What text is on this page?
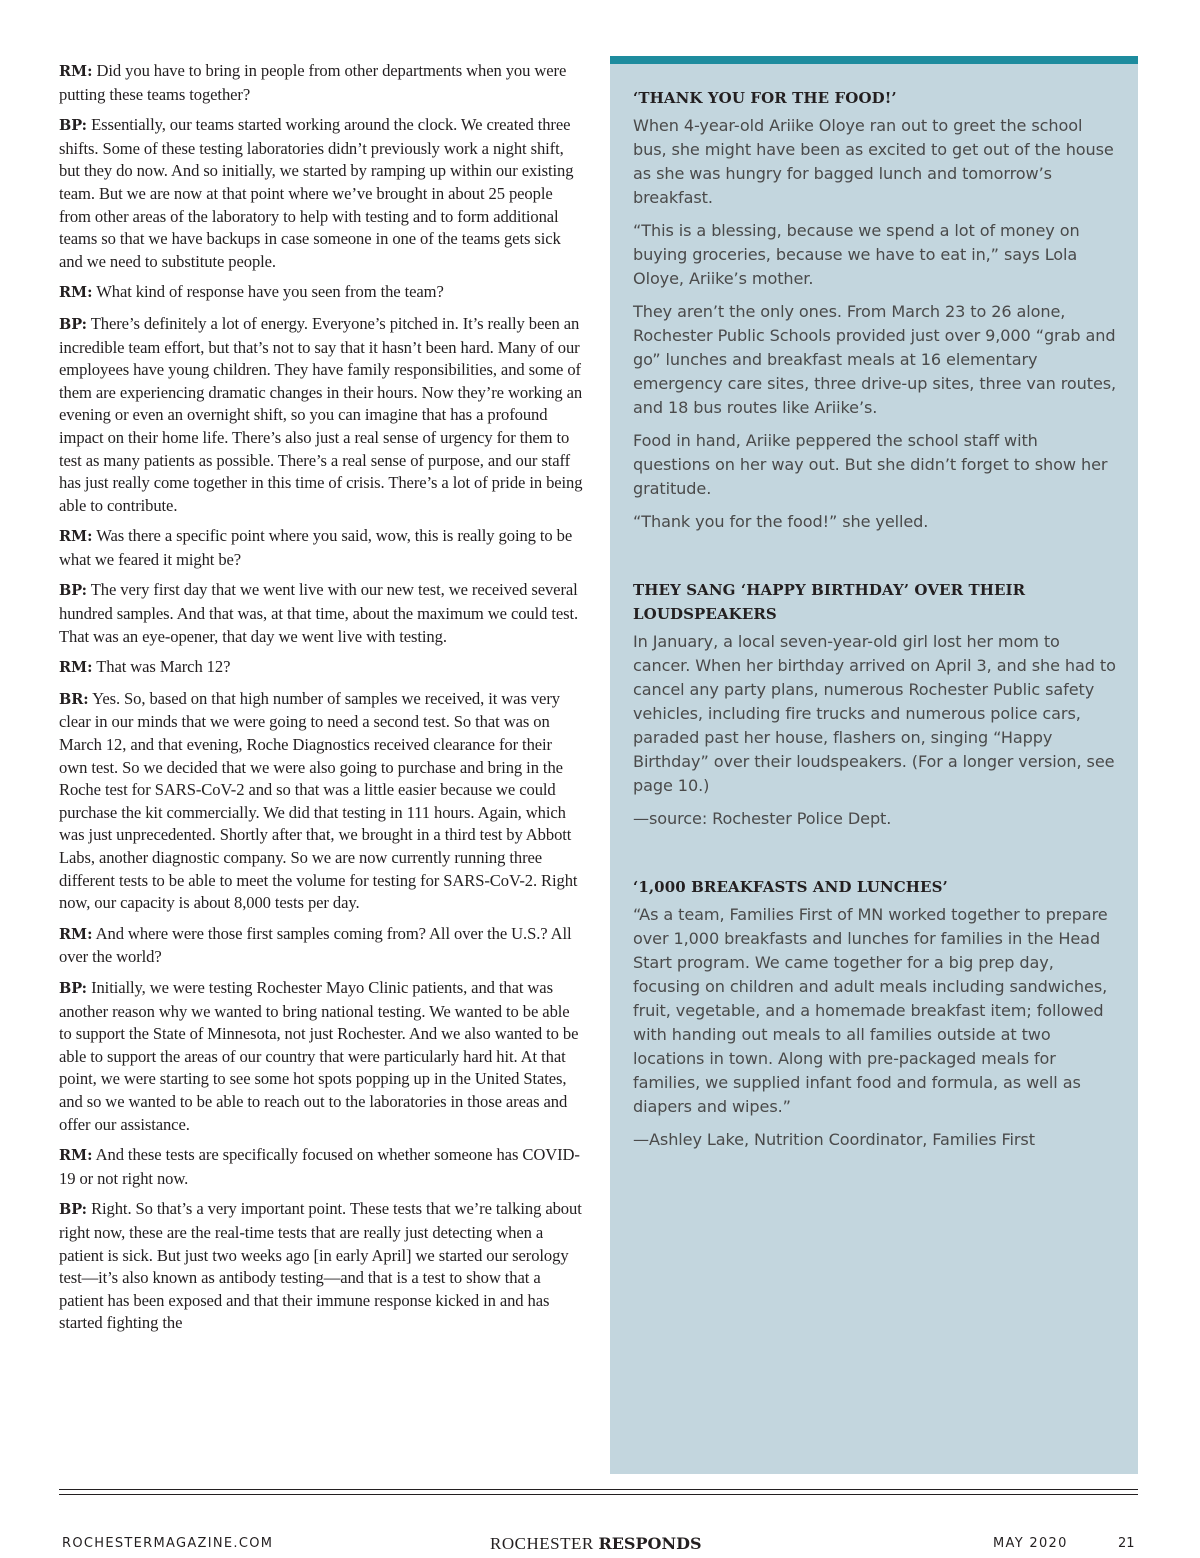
RM: Did you have to bring in people from other departments when you were putting these teams together?

BP: Essentially, our teams started working around the clock. We created three shifts. Some of these testing laboratories didn’t previously work a night shift, but they do now. And so initially, we started by ramping up within our existing team. But we are now at that point where we’ve brought in about 25 people from other areas of the laboratory to help with testing and to form additional teams so that we have backups in case someone in one of the teams gets sick and we need to substitute people.

RM: What kind of response have you seen from the team?

BP: There’s definitely a lot of energy. Everyone’s pitched in. It’s really been an incredible team effort, but that’s not to say that it hasn’t been hard. Many of our employees have young children. They have family responsibilities, and some of them are experiencing dramatic changes in their hours. Now they’re working an evening or even an overnight shift, so you can imagine that has a profound impact on their home life. There’s also just a real sense of urgency for them to test as many patients as possible. There’s a real sense of purpose, and our staff has just really come together in this time of crisis. There’s a lot of pride in being able to contribute.

RM: Was there a specific point where you said, wow, this is really going to be what we feared it might be?

BP: The very first day that we went live with our new test, we received several hundred samples. And that was, at that time, about the maximum we could test. That was an eye-opener, that day we went live with testing.

RM: That was March 12?

BR: Yes. So, based on that high number of samples we received, it was very clear in our minds that we were going to need a second test. So that was on March 12, and that evening, Roche Diagnostics received clearance for their own test. So we decided that we were also going to purchase and bring in the Roche test for SARS-CoV-2 and so that was a little easier because we could purchase the kit commercially. We did that testing in 111 hours. Again, which was just unprecedented. Shortly after that, we brought in a third test by Abbott Labs, another diagnostic company. So we are now currently running three different tests to be able to meet the volume for testing for SARS-CoV-2. Right now, our capacity is about 8,000 tests per day.

RM: And where were those first samples coming from? All over the U.S.? All over the world?

BP: Initially, we were testing Rochester Mayo Clinic patients, and that was another reason why we wanted to bring national testing. We wanted to be able to support the State of Minnesota, not just Rochester. And we also wanted to be able to support the areas of our country that were particularly hard hit. At that point, we were starting to see some hot spots popping up in the United States, and so we wanted to be able to reach out to the laboratories in those areas and offer our assistance.

RM: And these tests are specifically focused on whether someone has COVID-19 or not right now.

BP: Right. So that’s a very important point. These tests that we’re talking about right now, these are the real-time tests that are really just detecting when a patient is sick. But just two weeks ago [in early April] we started our serology test—it’s also known as antibody testing—and that is a test to show that a patient has been exposed and that their immune response kicked in and has started fighting the

‘THANK YOU FOR THE FOOD!’

When 4-year-old Ariike Oloye ran out to greet the school bus, she might have been as excited to get out of the house as she was hungry for bagged lunch and tomorrow’s breakfast.

“This is a blessing, because we spend a lot of money on buying groceries, because we have to eat in,” says Lola Oloye, Ariike’s mother.

They aren’t the only ones. From March 23 to 26 alone, Rochester Public Schools provided just over 9,000 “grab and go” lunches and breakfast meals at 16 elementary emergency care sites, three drive-up sites, three van routes, and 18 bus routes like Ariike’s.

Food in hand, Ariike peppered the school staff with questions on her way out. But she didn’t forget to show her gratitude.

“Thank you for the food!” she yelled.

THEY SANG ‘HAPPY BIRTHDAY’ OVER THEIR LOUDSPEAKERS

In January, a local seven-year-old girl lost her mom to cancer. When her birthday arrived on April 3, and she had to cancel any party plans, numerous Rochester Public safety vehicles, including fire trucks and numerous police cars, paraded past her house, flashers on, singing “Happy Birthday” over their loudspeakers. (For a longer version, see page 10.)

—source: Rochester Police Dept.

‘1,000 BREAKFASTS AND LUNCHES’

“As a team, Families First of MN worked together to prepare over 1,000 breakfasts and lunches for families in the Head Start program. We came together for a big prep day, focusing on children and adult meals including sandwiches, fruit, vegetable, and a homemade breakfast item; followed with handing out meals to all families outside at two locations in town. Along with pre-packaged meals for families, we supplied infant food and formula, as well as diapers and wipes.”

—Ashley Lake, Nutrition Coordinator, Families First

ROCHESTERMAGAZINE.COM	ROCHESTER RESPONDS	MAY 2020	21
